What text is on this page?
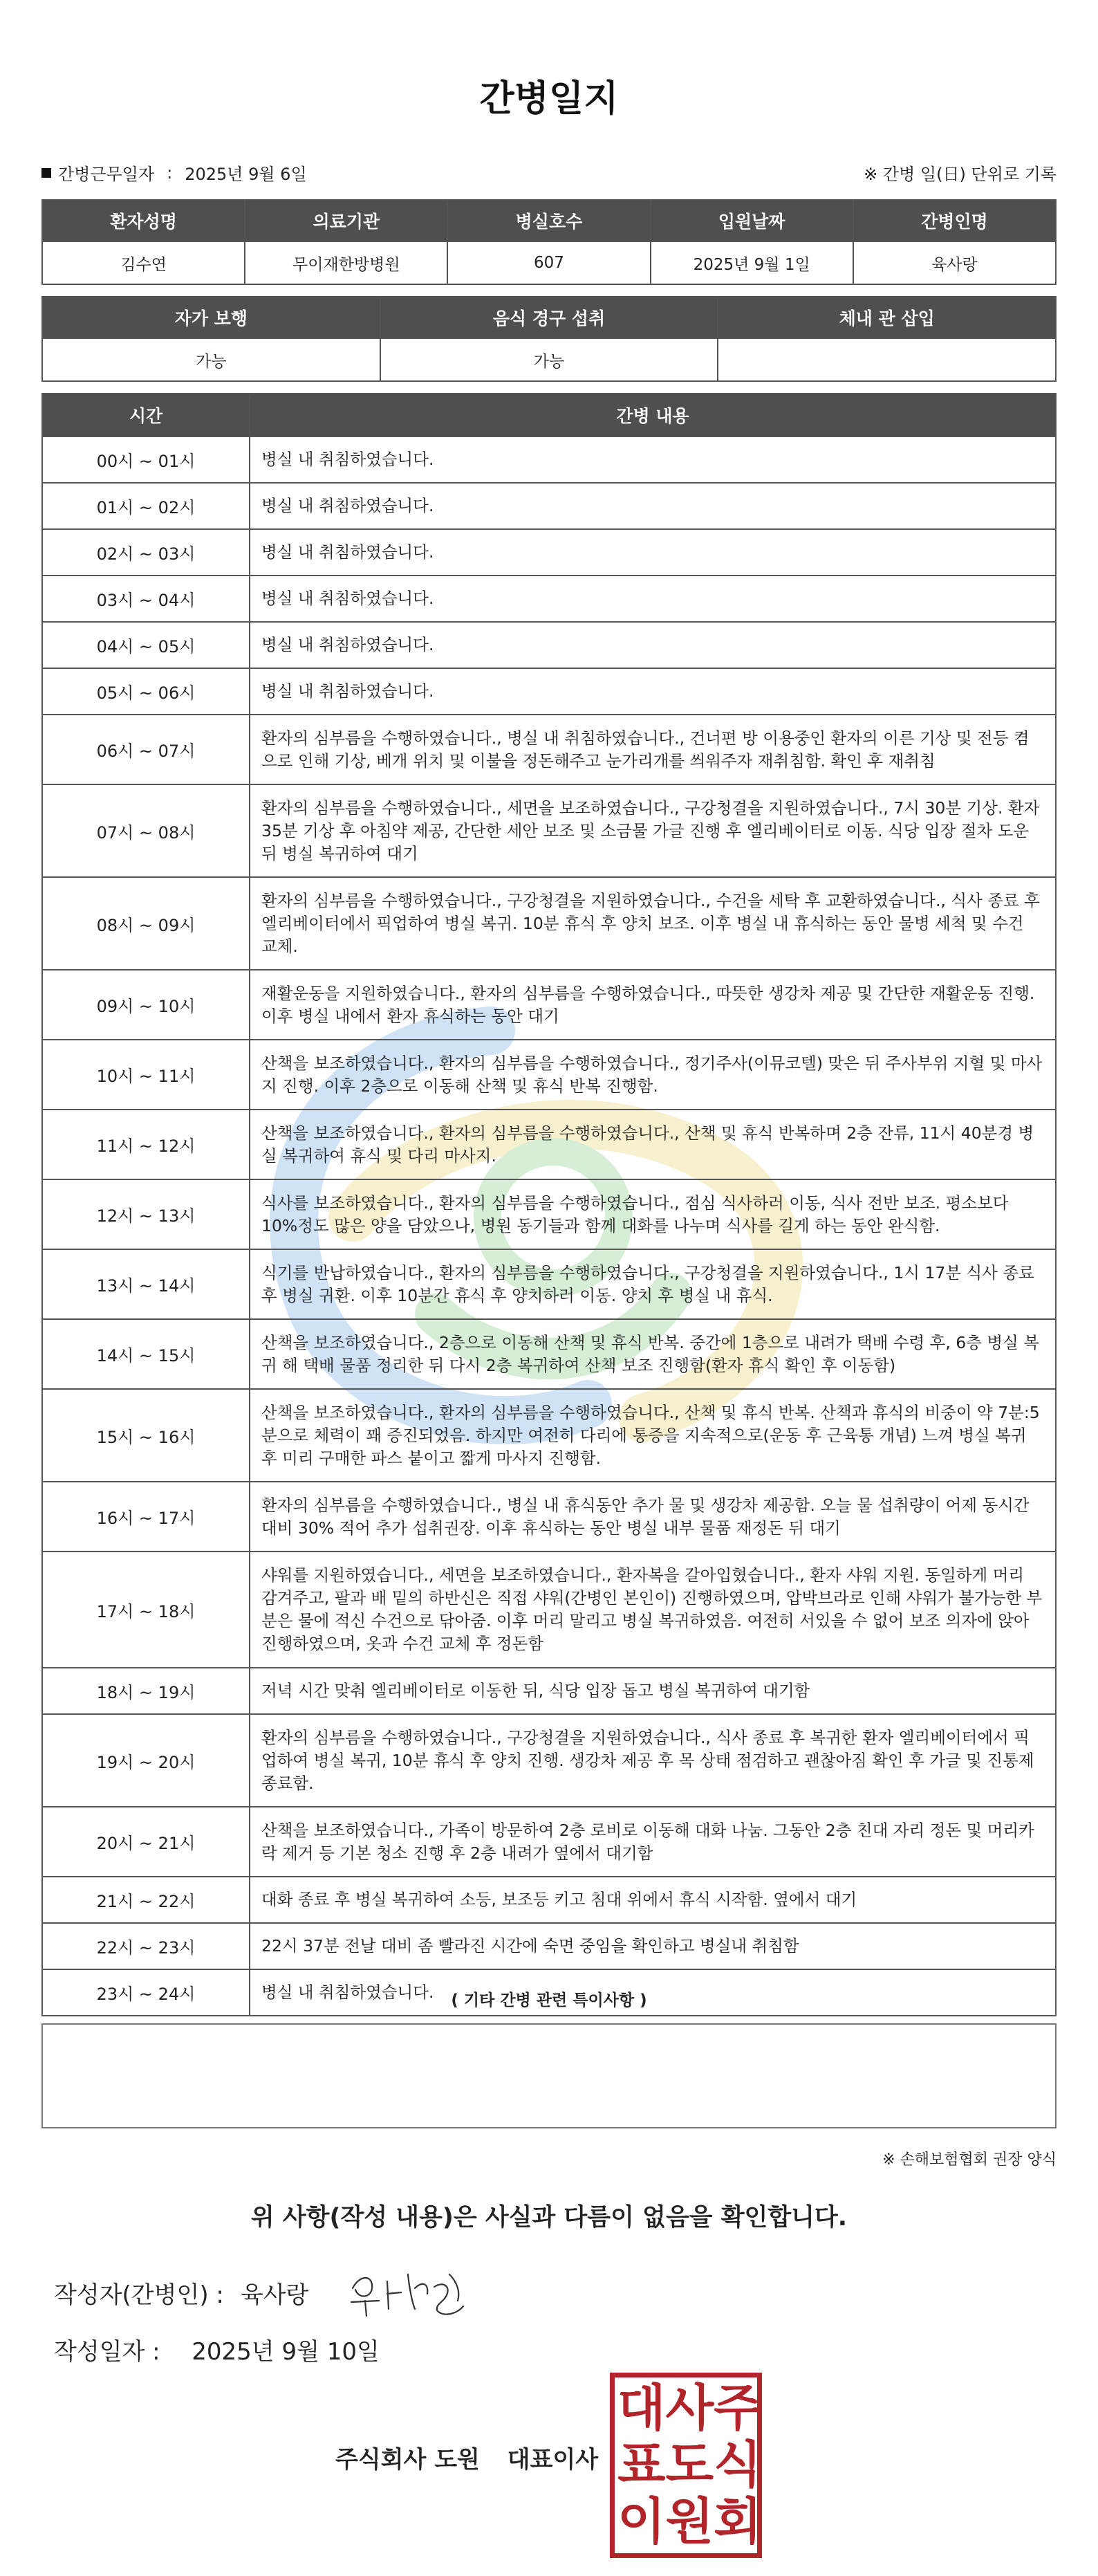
간병일지
간병근무일자 : 2025년 9월 6일	※ 간병 일(日) 단위로 기록
환자성명	의료기관	병실호수	입원날짜	간병인명
김수연	무이재한방병원	607	2025년 9월 1일	육사랑
자가 보행	음식 경구 섭취	체내 관 삽입
가능	가능	
시간	간병 내용
00시 ~ 01시	병실 내 취침하였습니다.
01시 ~ 02시	병실 내 취침하였습니다.
02시 ~ 03시	병실 내 취침하였습니다.
03시 ~ 04시	병실 내 취침하였습니다.
04시 ~ 05시	병실 내 취침하였습니다.
05시 ~ 06시	병실 내 취침하였습니다.
06시 ~ 07시	환자의 심부름을 수행하였습니다., 병실 내 취침하였습니다., 건너편 방 이용중인 환자의 이른 기상 및 전등 켬으로 인해 기상, 베개 위치 및 이불을 정돈해주고 눈가리개를 씌워주자 재취침함. 확인 후 재취침
07시 ~ 08시	환자의 심부름을 수행하였습니다., 세면을 보조하였습니다., 구강청결을 지원하였습니다., 7시 30분 기상. 환자 35분 기상 후 아침약 제공, 간단한 세안 보조 및 소금물 가글 진행 후 엘리베이터로 이동. 식당 입장 절차 도운 뒤 병실 복귀하여 대기
08시 ~ 09시	환자의 심부름을 수행하였습니다., 구강청결을 지원하였습니다., 수건을 세탁 후 교환하였습니다., 식사 종료 후 엘리베이터에서 픽업하여 병실 복귀. 10분 휴식 후 양치 보조. 이후 병실 내 휴식하는 동안 물병 세척 및 수건 교체.
09시 ~ 10시	재활운동을 지원하였습니다., 환자의 심부름을 수행하였습니다., 따뜻한 생강차 제공 및 간단한 재활운동 진행. 이후 병실 내에서 환자 휴식하는 동안 대기
10시 ~ 11시	산책을 보조하였습니다., 환자의 심부름을 수행하였습니다., 정기주사(이뮤코텔) 맞은 뒤 주사부위 지혈 및 마사지 진행. 이후 2층으로 이동해 산책 및 휴식 반복 진행함.
11시 ~ 12시	산책을 보조하였습니다., 환자의 심부름을 수행하였습니다., 산책 및 휴식 반복하며 2층 잔류, 11시 40분경 병실 복귀하여 휴식 및 다리 마사지.
12시 ~ 13시	식사를 보조하였습니다., 환자의 심부름을 수행하였습니다., 점심 식사하러 이동, 식사 전반 보조. 평소보다 10%정도 많은 양을 담았으나, 병원 동기들과 함께 대화를 나누며 식사를 길게 하는 동안 완식함.
13시 ~ 14시	식기를 반납하였습니다., 환자의 심부름을 수행하였습니다., 구강청결을 지원하였습니다., 1시 17분 식사 종료 후 병실 귀환. 이후 10분간 휴식 후 양치하러 이동. 양치 후 병실 내 휴식.
14시 ~ 15시	산책을 보조하였습니다., 2층으로 이동해 산책 및 휴식 반복. 중간에 1층으로 내려가 택배 수령 후, 6층 병실 복귀 해 택배 물품 정리한 뒤 다시 2층 복귀하여 산책 보조 진행함(환자 휴식 확인 후 이동함)
15시 ~ 16시	산책을 보조하였습니다., 환자의 심부름을 수행하였습니다., 산책 및 휴식 반복. 산책과 휴식의 비중이 약 7분:5분으로 체력이 꽤 증진되었음. 하지만 여전히 다리에 통증을 지속적으로(운동 후 근육통 개념) 느껴 병실 복귀 후 미리 구매한 파스 붙이고 짧게 마사지 진행함.
16시 ~ 17시	환자의 심부름을 수행하였습니다., 병실 내 휴식동안 추가 물 및 생강차 제공함. 오늘 물 섭취량이 어제 동시간 대비 30% 적어 추가 섭취권장. 이후 휴식하는 동안 병실 내부 물품 재정돈 뒤 대기
17시 ~ 18시	샤워를 지원하였습니다., 세면을 보조하였습니다., 환자복을 갈아입혔습니다., 환자 샤워 지원. 동일하게 머리 감겨주고, 팔과 배 밑의 하반신은 직접 샤워(간병인 본인이) 진행하였으며, 압박브라로 인해 샤워가 불가능한 부분은 물에 적신 수건으로 닦아줌. 이후 머리 말리고 병실 복귀하였음. 여전히 서있을 수 없어 보조 의자에 앉아 진행하였으며, 옷과 수건 교체 후 정돈함
18시 ~ 19시	저녁 시간 맞춰 엘리베이터로 이동한 뒤, 식당 입장 돕고 병실 복귀하여 대기함
19시 ~ 20시	환자의 심부름을 수행하였습니다., 구강청결을 지원하였습니다., 식사 종료 후 복귀한 환자 엘리베이터에서 픽업하여 병실 복귀, 10분 휴식 후 양치 진행. 생강차 제공 후 목 상태 점검하고 괜찮아짐 확인 후 가글 및 진통제 종료함.
20시 ~ 21시	산책을 보조하였습니다., 가족이 방문하여 2층 로비로 이동해 대화 나눔. 그동안 2층 친대 자리 정돈 및 머리카락 제거 등 기본 청소 진행 후 2층 내려가 옆에서 대기함
21시 ~ 22시	대화 종료 후 병실 복귀하여 소등, 보조등 키고 침대 위에서 휴식 시작함. 옆에서 대기
22시 ~ 23시	22시 37분 전날 대비 좀 빨라진 시간에 숙면 중임을 확인하고 병실내 취침함
23시 ~ 24시	병실 내 취침하였습니다.	( 기타 간병 관련 특이사항 )
※ 손해보험협회 권장 양식
위 사항(작성 내용)은 사실과 다름이 없음을 확인합니다.
작성자(간병인) : 육사랑
작성일자 : 2025년 9월 10일
주식회사 도원 대표이사
대 사 주
표 도 식
이 원 회
